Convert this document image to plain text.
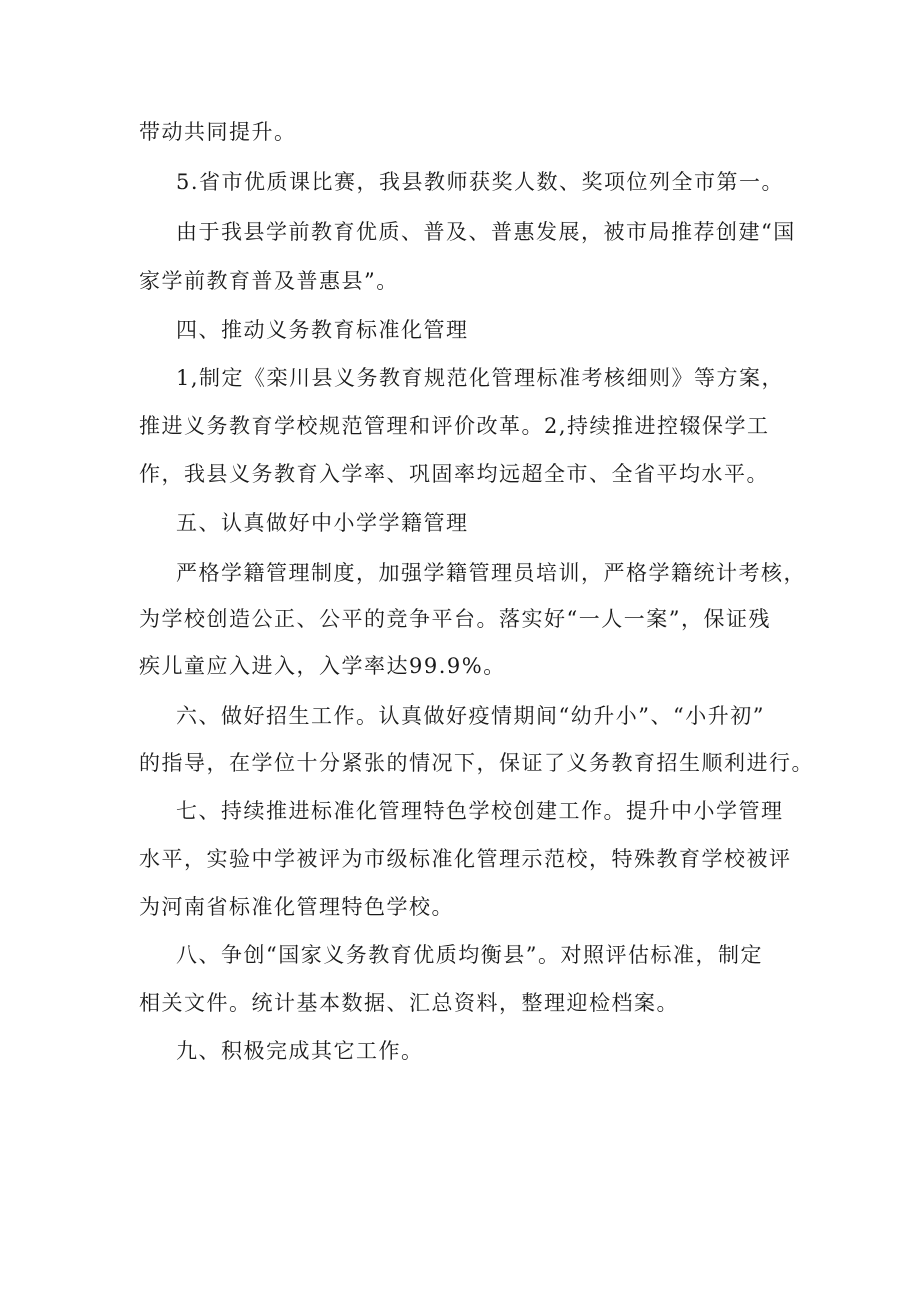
带动共同提升。
5.省市优质课比赛，我县教师获奖人数、奖项位列全市第一。
由于我县学前教育优质、普及、普惠发展，被市局推荐创建“国
家学前教育普及普惠县”。
四、推动义务教育标准化管理
1,制定《栾川县义务教育规范化管理标准考核细则》等方案，
推进义务教育学校规范管理和评价改革。2,持续推进控辍保学工
作，我县义务教育入学率、巩固率均远超全市、全省平均水平。
五、认真做好中小学学籍管理
严格学籍管理制度，加强学籍管理员培训，严格学籍统计考核，
为学校创造公正、公平的竞争平台。落实好“一人一案”，保证残
疾儿童应入进入，入学率达99.9%。
六、做好招生工作。认真做好疫情期间“幼升小”、“小升初”
的指导，在学位十分紧张的情况下，保证了义务教育招生顺利进行。
七、持续推进标准化管理特色学校创建工作。提升中小学管理
水平，实验中学被评为市级标准化管理示范校，特殊教育学校被评
为河南省标准化管理特色学校。
八、争创“国家义务教育优质均衡县”。对照评估标准，制定
相关文件。统计基本数据、汇总资料，整理迎检档案。
九、积极完成其它工作。
